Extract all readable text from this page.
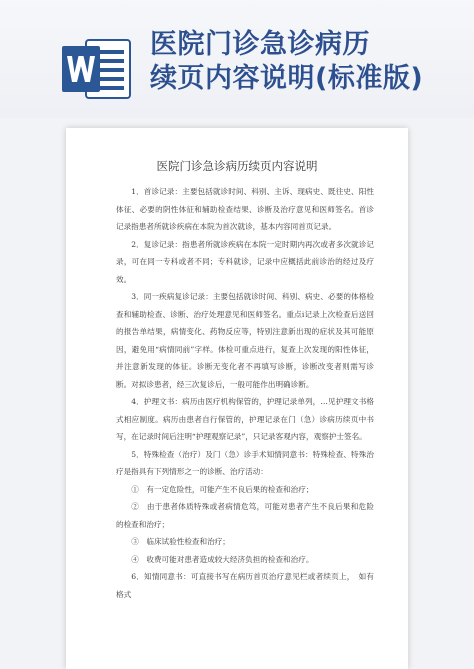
医院门诊急诊病历
续页内容说明(标准版)
医院门诊急诊病历续页内容说明

1．首诊记录：主要包括就诊时间、科别、主诉、现病史、既往史、阳性体征、必要的阴性体征和辅助检查结果、诊断及治疗意见和医师签名。首诊记录指患者所就诊疾病在本院为首次就诊，基本内容同首页记录。

2．复诊记录：指患者所就诊疾病在本院一定时期内再次或者多次就诊记录，可在同一专科或者不同；专科就诊，记录中应概括此前诊治的经过及疗效。

3．同一疾病复诊记录：主要包括就诊时间、科别、病史、必要的体格检查和辅助检查、诊断、治疗处理意见和医师签名。重点i记录上次检查后送回的报告单结果，病情变化、药物反应等，特别注意新出现的症状及其可能原因，避免用“病情同前”字样。体检可重点进行，复查上次发现的阳性体征，并注意新发现的体征。诊断无变化者不再填写诊断，诊断改变者则需写诊断。对拟诊患者，经三次复诊后，一般可能作出明确诊断。

4．护理文书：病历由医疗机构保管的，护理记录单列，…见护理文书格式相应制度。病历由患者自行保管的，护理记录在门（急）诊病历续页中书写，在记录时间后注明“护理观察记录”，只记录客观内容，观察护士签名。

5．特殊检查（治疗）及门（急）诊手术知情同意书：特殊检查、特殊治疗是指具有下列情形之一的诊断、治疗活动：

①　有一定危险性，可能产生不良后果的检查和治疗；

②　由于患者体质特殊或者病情危笃，可能对患者产生不良后果和危险的检查和治疗；

③　临床试验性检查和治疗；

④　收费可能对患者造成较大经济负担的检查和治疗。

6．知情同意书：可直接书写在病历首页治疗意见栏或者续页上，　如有格式
